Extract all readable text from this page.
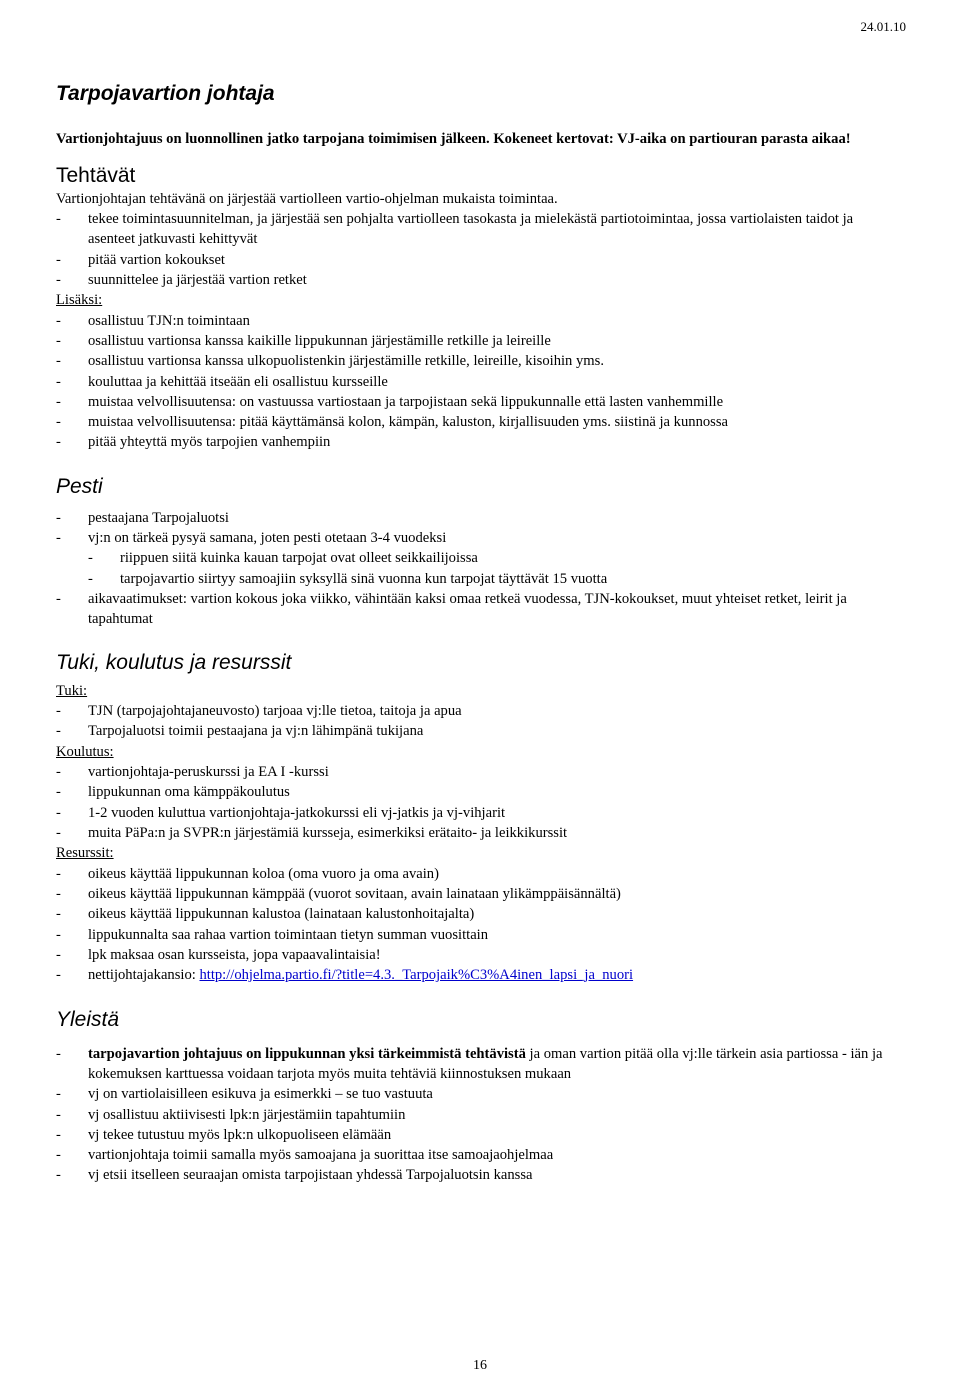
24.01.10
Tarpojavartion johtaja
Vartionjohtajuus on luonnollinen jatko tarpojana toimimisen jälkeen. Kokeneet kertovat: VJ-aika on partiouran parasta aikaa!
Tehtävät
Vartionjohtajan tehtävänä on järjestää vartiolleen vartio-ohjelman mukaista toimintaa.
- tekee toimintasuunnitelman, ja järjestää sen pohjalta vartiolleen tasokasta ja mielekästä partiotoimintaa, jossa vartiolaisten taidot ja asenteet jatkuvasti kehittyvät
- pitää vartion kokoukset
- suunnittelee ja järjestää vartion retket
Lisäksi:
- osallistuu TJN:n toimintaan
- osallistuu vartionsa kanssa kaikille lippukunnan järjestämille retkille ja leireille
- osallistuu vartionsa kanssa ulkopuolistenkin järjestämille retkille, leireille, kisoihin yms.
- kouluttaa ja kehittää itseään eli osallistuu kursseille
- muistaa velvollisuutensa: on vastuussa vartiostaan ja tarpojistaan sekä lippukunnalle että lasten vanhemmille
- muistaa velvollisuutensa: pitää käyttämänsä kolon, kämpän, kaluston, kirjallisuuden yms. siistinä ja kunnossa
- pitää yhteyttä myös tarpojien vanhempiin
Pesti
- pestaajana Tarpojaluotsi
- vj:n on tärkeä pysyä samana, joten pesti otetaan 3-4 vuodeksi
- riippuen siitä kuinka kauan tarpojat ovat olleet seikkailijoissa
- tarpojavartio siirtyy samoajiin syksyllä sinä vuonna kun tarpojat täyttävät 15 vuotta
- aikavaatimukset: vartion kokous joka viikko, vähintään kaksi omaa retkeä vuodessa, TJN-kokoukset, muut yhteiset retket, leirit ja tapahtumat
Tuki, koulutus ja resurssit
Tuki:
- TJN (tarpojajohtajaneuvosto) tarjoaa vj:lle tietoa, taitoja ja apua
- Tarpojaluotsi toimii pestaajana ja vj:n lähimpänä tukijana
Koulutus:
- vartionjohtaja-peruskurssi ja EA I -kurssi
- lippukunnan oma kämppäkoulutus
- 1-2 vuoden kuluttua vartionjohtaja-jatkokurssi eli vj-jatkis ja vj-vihjarit
- muita PäPa:n ja SVPR:n järjestämiä kursseja, esimerkiksi erätaito- ja leikkikurssit
Resurssit:
- oikeus käyttää lippukunnan koloa (oma vuoro ja oma avain)
- oikeus käyttää lippukunnan kämppää (vuorot sovitaan, avain lainataan ylikämppäisännältä)
- oikeus käyttää lippukunnan kalustoa (lainataan kalustonhoitajalta)
- lippukunnalta saa rahaa vartion toimintaan tietyn summan vuosittain
- lpk maksaa osan kursseista, jopa vapaavalintaisia!
- nettijohtajakansio: http://ohjelma.partio.fi/?title=4.3._Tarpojaik%C3%A4inen_lapsi_ja_nuori
Yleistä
- tarpojavartion johtajuus on lippukunnan yksi tärkeimmistä tehtävistä ja oman vartion pitää olla vj:lle tärkein asia partiossa - iän ja kokemuksen karttuessa voidaan tarjota myös muita tehtäviä kiinnostuksen mukaan
- vj on vartiolaisilleen esikuva ja esimerkki – se tuo vastuuta
- vj osallistuu aktiivisesti lpk:n järjestämiin tapahtumiin
- vj tekee tutustuu myös lpk:n ulkopuoliseen elämään
- vartionjohtaja toimii samalla myös samoajana ja suorittaa itse samoajaohjelmaa
- vj etsii itselleen seuraajan omista tarpojistaan yhdessä Tarpojaluotsin kanssa
16
